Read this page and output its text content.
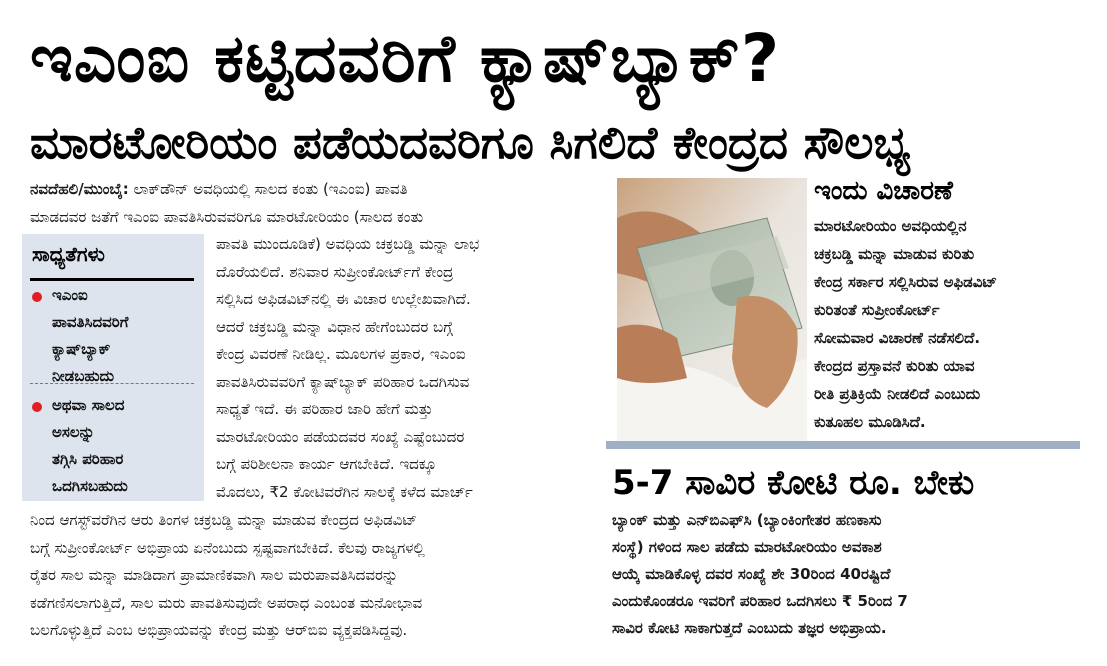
ಇಎಂಐ ಕಟ್ಟಿದವರಿಗೆ ಕ್ಯಾಷ್‌ಬ್ಯಾಕ್?
ಮಾರಟೋರಿಯಂ ಪಡೆಯದವರಿಗೂ ಸಿಗಲಿದೆ ಕೇಂದ್ರದ ಸೌಲಭ್ಯ
ನವದೆಹಲಿ/ಮುಂಬೈ: ಲಾಕ್‌ಡೌನ್ ಅವಧಿಯಲ್ಲಿ ಸಾಲದ ಕಂತು (ಇಎಂಐ) ಪಾವತಿ
ಮಾಡದವರ ಜತೆಗೆ ಇಎಂಐ ಪಾವತಿಸಿರುವವರಿಗೂ ಮಾರಟೋರಿಯಂ (ಸಾಲದ ಕಂತು
ಸಾಧ್ಯತೆಗಳು
ಇಎಂಐ
ಪಾವತಿಸಿದವರಿಗೆ
ಕ್ಯಾಷ್‌ಬ್ಯಾಕ್
ನೀಡಬಹುದು
ಅಥವಾ ಸಾಲದ
ಅಸಲನ್ನು
ತಗ್ಗಿಸಿ ಪರಿಹಾರ
ಒದಗಿಸಬಹುದು
ಪಾವತಿ ಮುಂದೂಡಿಕೆ) ಅವಧಿಯ ಚಕ್ರಬಡ್ಡಿ ಮನ್ನಾ ಲಾಭ
ದೊರೆಯಲಿದೆ. ಶನಿವಾರ ಸುಪ್ರೀಂಕೋರ್ಟ್‌ಗೆ ಕೇಂದ್ರ
ಸಲ್ಲಿಸಿದ ಅಫಿಡವಿಟ್‌ನಲ್ಲಿ ಈ ವಿಚಾರ ಉಲ್ಲೇಖವಾಗಿದೆ.
ಆದರೆ ಚಕ್ರಬಡ್ಡಿ ಮನ್ನಾ ವಿಧಾನ ಹೇಗೆಂಬುದರ ಬಗ್ಗೆ
ಕೇಂದ್ರ ವಿವರಣೆ ನೀಡಿಲ್ಲ. ಮೂಲಗಳ ಪ್ರಕಾರ, ಇಎಂಐ
ಪಾವತಿಸಿರುವವರಿಗೆ ಕ್ಯಾಷ್‌ಬ್ಯಾಕ್ ಪರಿಹಾರ ಒದಗಿಸುವ
ಸಾಧ್ಯತೆ ಇದೆ. ಈ ಪರಿಹಾರ ಜಾರಿ ಹೇಗೆ ಮತ್ತು
ಮಾರಟೋರಿಯಂ ಪಡೆಯದವರ ಸಂಖ್ಯೆ ಎಷ್ಟೆಂಬುದರ
ಬಗ್ಗೆ ಪರಿಶೀಲನಾ ಕಾರ್ಯ ಆಗಬೇಕಿದೆ. ಇದಕ್ಕೂ
ಮೊದಲು, ₹2 ಕೋಟಿವರೆಗಿನ ಸಾಲಕ್ಕೆ ಕಳೆದ ಮಾರ್ಚ್
ನಿಂದ ಆಗಸ್ಟ್‌ವರೆಗಿನ ಆರು ತಿಂಗಳ ಚಕ್ರಬಡ್ಡಿ ಮನ್ನಾ ಮಾಡುವ ಕೇಂದ್ರದ ಅಫಿಡವಿಟ್
ಬಗ್ಗೆ ಸುಪ್ರೀಂಕೋರ್ಟ್ ಅಭಿಪ್ರಾಯ ಏನೆಂಬುದು ಸ್ಪಷ್ಟವಾಗಬೇಕಿದೆ. ಕೆಲವು ರಾಜ್ಯಗಳಲ್ಲಿ
ರೈತರ ಸಾಲ ಮನ್ನಾ ಮಾಡಿದಾಗ ಪ್ರಾಮಾಣಿಕವಾಗಿ ಸಾಲ ಮರುಪಾವತಿಸಿದವರನ್ನು
ಕಡೆಗಣಿಸಲಾಗುತ್ತಿದೆ, ಸಾಲ ಮರು ಪಾವತಿಸುವುದೇ ಅಪರಾಧ ಎಂಬಂತ ಮನೋಭಾವ
ಬಲಗೊಳ್ಳುತ್ತಿದೆ ಎಂಬ ಅಭಿಪ್ರಾಯವನ್ನು ಕೇಂದ್ರ ಮತ್ತು ಆರ್‌ಬಿಐ ವ್ಯಕ್ತಪಡಿಸಿದ್ದವು.
ಇಂದು ವಿಚಾರಣೆ
ಮಾರಟೋರಿಯಂ ಅವಧಿಯಲ್ಲಿನ
ಚಕ್ರಬಡ್ಡಿ ಮನ್ನಾ ಮಾಡುವ ಕುರಿತು
ಕೇಂದ್ರ ಸರ್ಕಾರ ಸಲ್ಲಿಸಿರುವ ಅಫಿಡವಿಟ್
ಕುರಿತಂತೆ ಸುಪ್ರೀಂಕೋರ್ಟ್
ಸೋಮವಾರ ವಿಚಾರಣೆ ನಡೆಸಲಿದೆ.
ಕೇಂದ್ರದ ಪ್ರಸ್ತಾವನೆ ಕುರಿತು ಯಾವ
ರೀತಿ ಪ್ರತಿಕ್ರಿಯೆ ನೀಡಲಿದೆ ಎಂಬುದು
ಕುತೂಹಲ ಮೂಡಿಸಿದೆ.
5-7 ಸಾವಿರ ಕೋಟಿ ರೂ. ಬೇಕು
ಬ್ಯಾಂಕ್ ಮತ್ತು ಎನ್‌ಬಿಎಫ್‌ಸಿ (ಬ್ಯಾಂಕಿಂಗೇತರ ಹಣಕಾಸು
ಸಂಸ್ಥೆ) ಗಳಿಂದ ಸಾಲ ಪಡೆದು ಮಾರಟೋರಿಯಂ ಅವಕಾಶ
ಆಯ್ಕೆ ಮಾಡಿಕೊಳ್ಳ ದವರ ಸಂಖ್ಯೆ ಶೇ 30ರಿಂದ 40ರಷ್ಟಿದೆ
ಎಂದುಕೊಂಡರೂ ಇವರಿಗೆ ಪರಿಹಾರ ಒದಗಿಸಲು ₹ 5ರಿಂದ 7
ಸಾವಿರ ಕೋಟಿ ಸಾಕಾಗುತ್ತದೆ ಎಂಬುದು ತಜ್ಞರ ಅಭಿಪ್ರಾಯ.
